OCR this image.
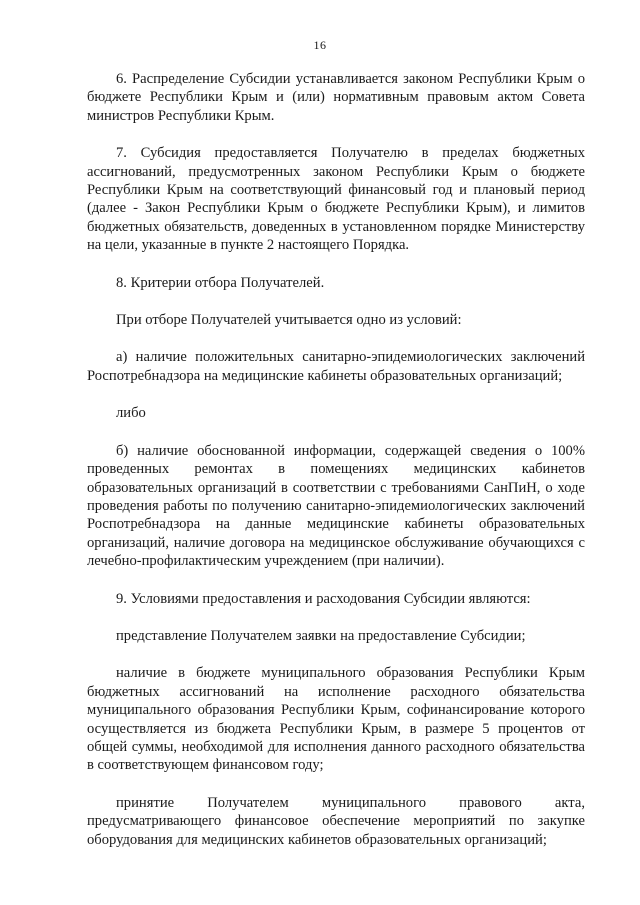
16

6. Распределение Субсидии устанавливается законом Республики Крым о бюджете Республики Крым и (или) нормативным правовым актом Совета министров Республики Крым.

7. Субсидия предоставляется Получателю в пределах бюджетных ассигнований, предусмотренных законом Республики Крым о бюджете Республики Крым на соответствующий финансовый год и плановый период (далее - Закон Республики Крым о бюджете Республики Крым), и лимитов бюджетных обязательств, доведенных в установленном порядке Министерству на цели, указанные в пункте 2 настоящего Порядка.

8. Критерии отбора Получателей.

При отборе Получателей учитывается одно из условий:

а) наличие положительных санитарно-эпидемиологических заключений Роспотребнадзора на медицинские кабинеты образовательных организаций;

либо

б) наличие обоснованной информации, содержащей сведения о 100% проведенных ремонтах в помещениях медицинских кабинетов образовательных организаций в соответствии с требованиями СанПиН, о ходе проведения работы по получению санитарно-эпидемиологических заключений Роспотребнадзора на данные медицинские кабинеты образовательных организаций, наличие договора на медицинское обслуживание обучающихся с лечебно-профилактическим учреждением (при наличии).

9. Условиями предоставления и расходования Субсидии являются:

представление Получателем заявки на предоставление Субсидии;

наличие в бюджете муниципального образования Республики Крым бюджетных ассигнований на исполнение расходного обязательства муниципального образования Республики Крым, софинансирование которого осуществляется из бюджета Республики Крым, в размере 5 процентов от общей суммы, необходимой для исполнения данного расходного обязательства в соответствующем финансовом году;

принятие Получателем муниципального правового акта, предусматривающего финансовое обеспечение мероприятий по закупке оборудования для медицинских кабинетов образовательных организаций;
